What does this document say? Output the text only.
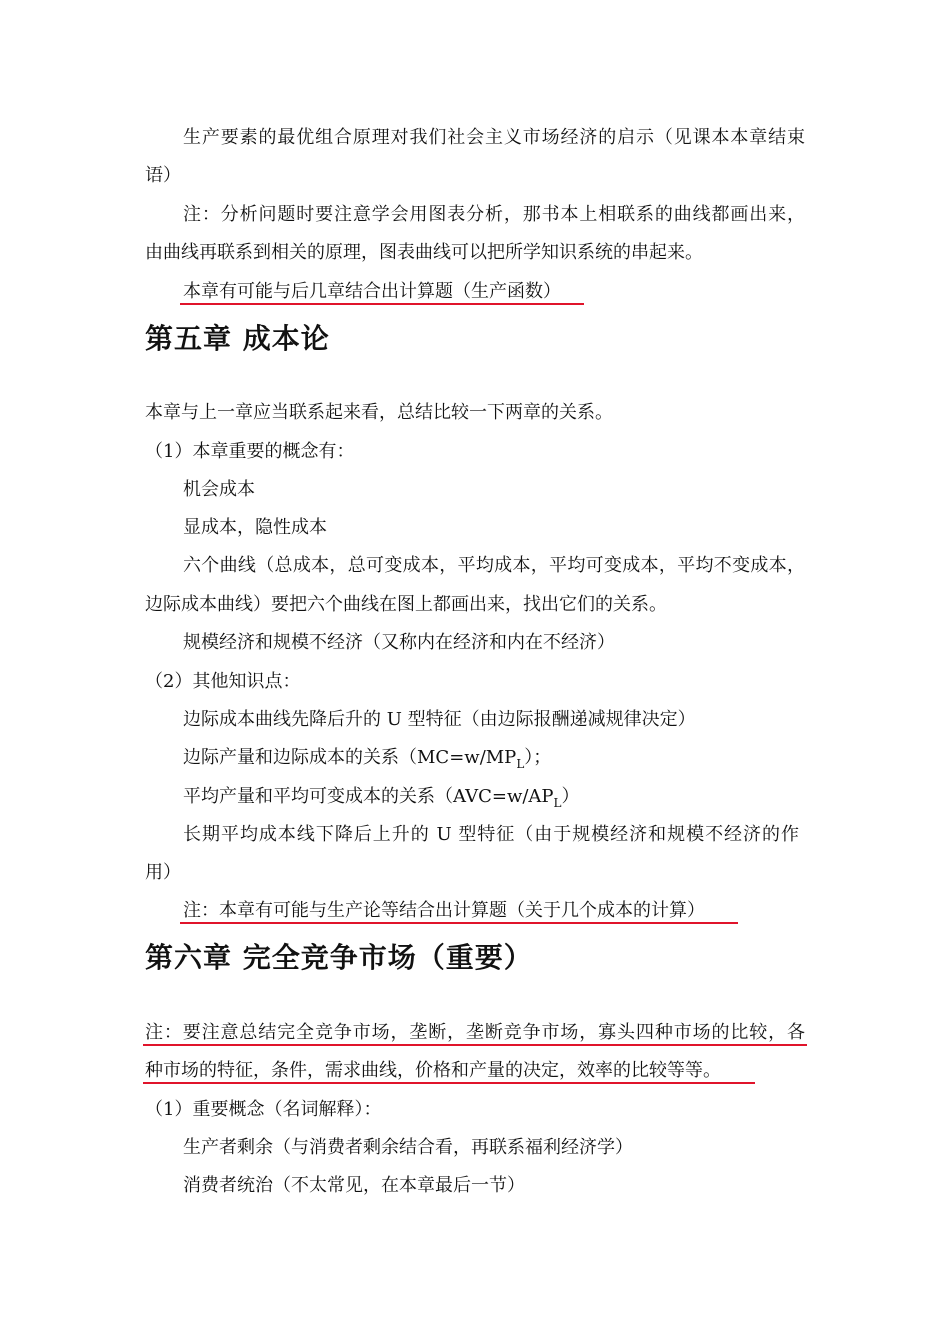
生产要素的最优组合原理对我们社会主义市场经济的启示（见课本本章结束
语）
注：分析问题时要注意学会用图表分析，那书本上相联系的曲线都画出来，
由曲线再联系到相关的原理，图表曲线可以把所学知识系统的串起来。
本章有可能与后几章结合出计算题（生产函数）
第五章 成本论
本章与上一章应当联系起来看，总结比较一下两章的关系。
（1）本章重要的概念有：
机会成本
显成本，隐性成本
六个曲线（总成本，总可变成本，平均成本，平均可变成本，平均不变成本，
边际成本曲线）要把六个曲线在图上都画出来，找出它们的关系。
规模经济和规模不经济（又称内在经济和内在不经济）
（2）其他知识点：
边际成本曲线先降后升的 U 型特征（由边际报酬递减规律决定）
边际产量和边际成本的关系$(MC=w/MP_L)$；
平均产量和平均可变成本的关系$(AVC=w/AP_L)$
长期平均成本线下降后上升的 U 型特征（由于规模经济和规模不经济的作
用）
注：本章有可能与生产论等结合出计算题（关于几个成本的计算）
第六章 完全竞争市场（重要）
注：要注意总结完全竞争市场，垄断，垄断竞争市场，寡头四种市场的比较，各
种市场的特征，条件，需求曲线，价格和产量的决定，效率的比较等等。
（1）重要概念（名词解释）：
生产者剩余（与消费者剩余结合看，再联系福利经济学）
消费者统治（不太常见，在本章最后一节）
